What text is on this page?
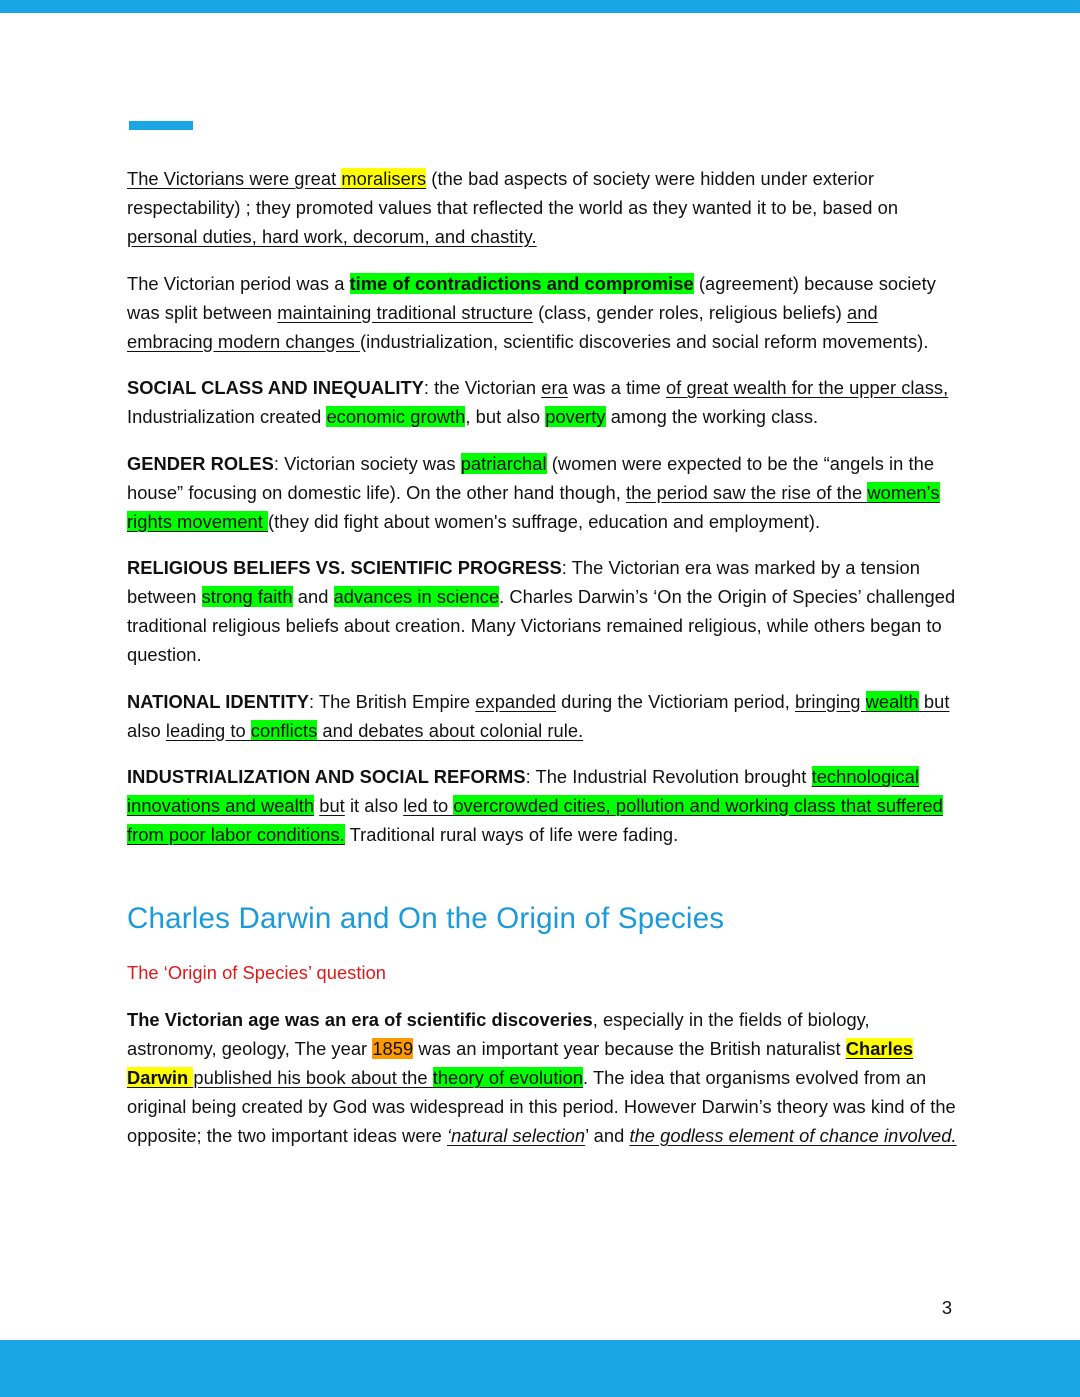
The Victorians were great moralisers (the bad aspects of society were hidden under exterior respectability) ; they promoted values that reflected the world as they wanted it to be, based on personal duties, hard work, decorum, and chastity.

The Victorian period was a time of contradictions and compromise (agreement) because society was split between maintaining traditional structure (class, gender roles, religious beliefs) and embracing modern changes (industrialization, scientific discoveries and social reform movements).

SOCIAL CLASS AND INEQUALITY: the Victorian era was a time of great wealth for the upper class, Industrialization created economic growth, but also poverty among the working class.

GENDER ROLES: Victorian society was patriarchal (women were expected to be the “angels in the house” focusing on domestic life). On the other hand though, the period saw the rise of the women’s rights movement (they did fight about women's suffrage, education and employment).

RELIGIOUS BELIEFS VS. SCIENTIFIC PROGRESS: The Victorian era was marked by a tension between strong faith and advances in science. Charles Darwin’s ‘On the Origin of Species’ challenged traditional religious beliefs about creation. Many Victorians remained religious, while others began to question.

NATIONAL IDENTITY: The British Empire expanded during the Victioriam period, bringing wealth but also leading to conflicts and debates about colonial rule.

INDUSTRIALIZATION AND SOCIAL REFORMS: The Industrial Revolution brought technological innovations and wealth but it also led to overcrowded cities, pollution and working class that suffered from poor labor conditions. Traditional rural ways of life were fading.

Charles Darwin and On the Origin of Species
The ‘Origin of Species’ question

The Victorian age was an era of scientific discoveries, especially in the fields of biology, astronomy, geology, The year 1859 was an important year because the British naturalist Charles Darwin published his book about the theory of evolution. The idea that organisms evolved from an original being created by God was widespread in this period. However Darwin’s theory was kind of the opposite; the two important ideas were ‘natural selection’ and the godless element of chance involved.

3
